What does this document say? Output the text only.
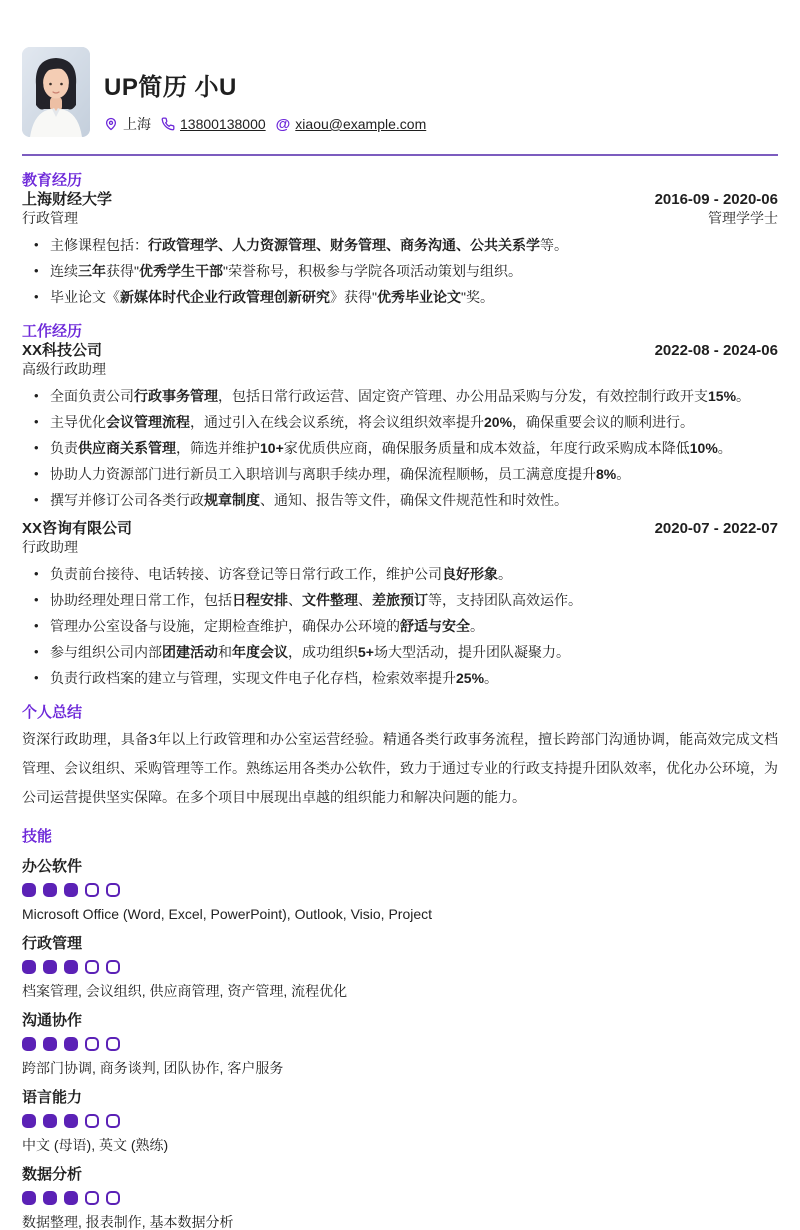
UP简历 小U
上海 13800138000 @ xiaou@example.com
教育经历
上海财经大学	2016-09 - 2020-06
行政管理	管理学学士
• 主修课程包括：行政管理学、人力资源管理、财务管理、商务沟通、公共关系学等。
• 连续三年获得"优秀学生干部"荣誉称号，积极参与学院各项活动策划与组织。
• 毕业论文《新媒体时代企业行政管理创新研究》获得"优秀毕业论文"奖。
工作经历
XX科技公司	2022-08 - 2024-06
高级行政助理
• 全面负责公司行政事务管理，包括日常行政运营、固定资产管理、办公用品采购与分发，有效控制行政开支15%。
• 主导优化会议管理流程，通过引入在线会议系统，将会议组织效率提升20%，确保重要会议的顺利进行。
• 负责供应商关系管理，筛选并维护10+家优质供应商，确保服务质量和成本效益，年度行政采购成本降低10%。
• 协助人力资源部门进行新员工入职培训与离职手续办理，确保流程顺畅，员工满意度提升8%。
• 撰写并修订公司各类行政规章制度、通知、报告等文件，确保文件规范性和时效性。
XX咨询有限公司	2020-07 - 2022-07
行政助理
• 负责前台接待、电话转接、访客登记等日常行政工作，维护公司良好形象。
• 协助经理处理日常工作，包括日程安排、文件整理、差旅预订等，支持团队高效运作。
• 管理办公室设备与设施，定期检查维护，确保办公环境的舒适与安全。
• 参与组织公司内部团建活动和年度会议，成功组织5+场大型活动，提升团队凝聚力。
• 负责行政档案的建立与管理，实现文件电子化存档，检索效率提升25%。
个人总结
资深行政助理，具备3年以上行政管理和办公室运营经验。精通各类行政事务流程，擅长跨部门沟通协调，能高效完成文档管理、会议组织、采购管理等工作。熟练运用各类办公软件，致力于通过专业的行政支持提升团队效率，优化办公环境，为公司运营提供坚实保障。在多个项目中展现出卓越的组织能力和解决问题的能力。
技能
办公软件
Microsoft Office (Word, Excel, PowerPoint), Outlook, Visio, Project
行政管理
档案管理, 会议组织, 供应商管理, 资产管理, 流程优化
沟通协作
跨部门协调, 商务谈判, 团队协作, 客户服务
语言能力
中文 (母语), 英文 (熟练)
数据分析
数据整理, 报表制作, 基本数据分析
